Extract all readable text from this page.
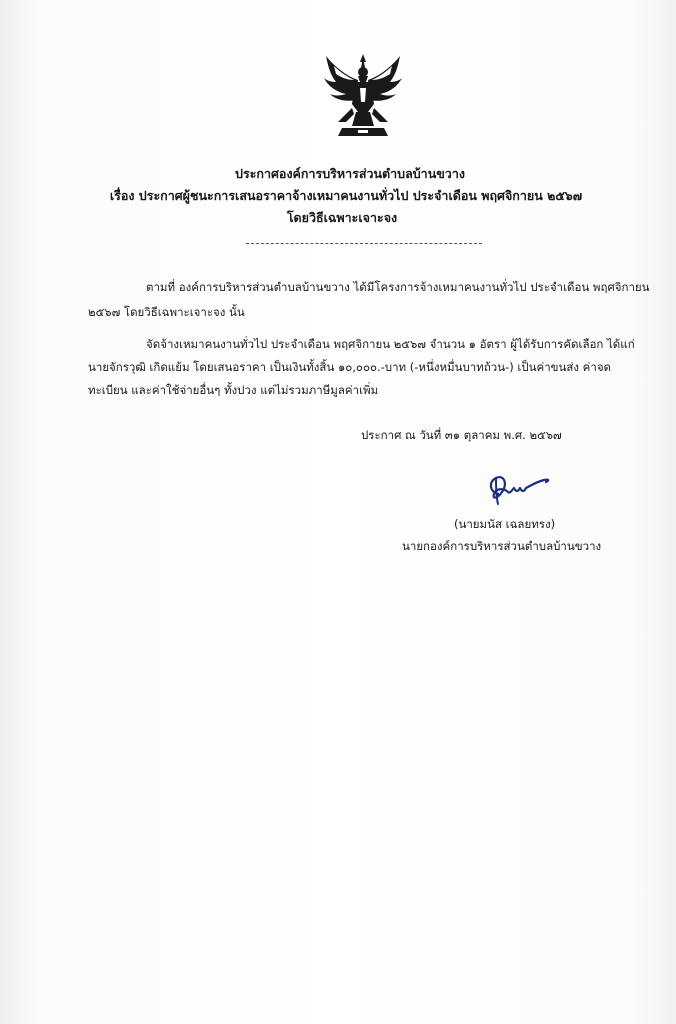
ประกาศองค์การบริหารส่วนตำบลบ้านขวาง
เรื่อง ประกาศผู้ชนะการเสนอราคาจ้างเหมาคนงานทั่วไป ประจำเดือน พฤศจิกายน ๒๕๖๗
โดยวิธีเฉพาะเจาะจง
ตามที่ องค์การบริหารส่วนตำบลบ้านขวาง ได้มีโครงการจ้างเหมาคนงานทั่วไป ประจำเดือน พฤศจิกายน
๒๕๖๗ โดยวิธีเฉพาะเจาะจง นั้น
จัดจ้างเหมาคนงานทั่วไป ประจำเดือน พฤศจิกายน ๒๕๖๗ จำนวน ๑ อัตรา ผู้ได้รับการคัดเลือก ได้แก่
นายจักรวุฒิ เกิดแย้ม โดยเสนอราคา เป็นเงินทั้งสิ้น ๑๐,๐๐๐.-บาท (-หนึ่งหมื่นบาทถ้วน-) เป็นค่าขนส่ง ค่าจด
ทะเบียน และค่าใช้จ่ายอื่นๆ ทั้งปวง แต่ไม่รวมภาษีมูลค่าเพิ่ม
ประกาศ ณ วันที่ ๓๑ ตุลาคม พ.ศ. ๒๕๖๗
(นายมนัส เฉลยทรง)
นายกองค์การบริหารส่วนตำบลบ้านขวาง
